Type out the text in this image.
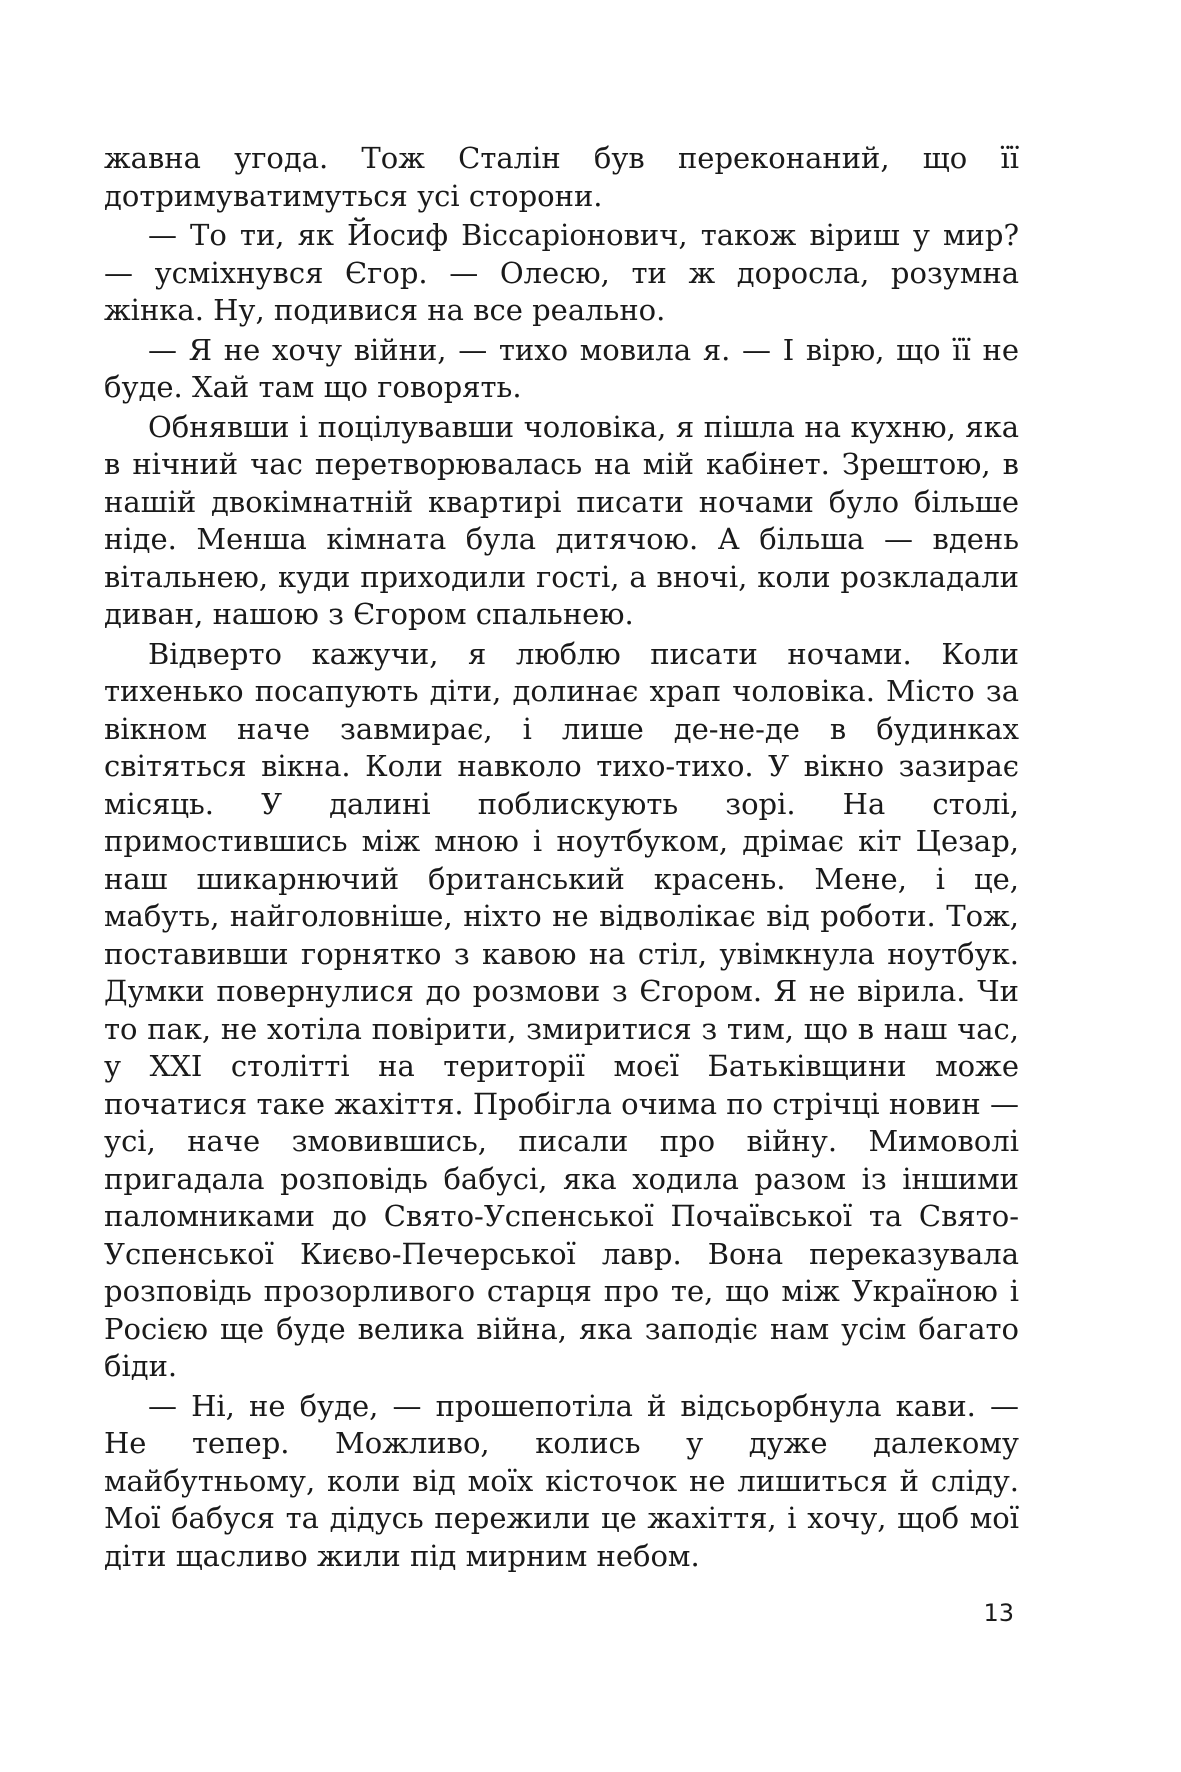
жавна угода. Тож Сталін був переконаний, що її дотримуватимуться усі сторони.

— То ти, як Йосиф Віссаріонович, також віриш у мир? — усміхнувся Єгор. — Олесю, ти ж доросла, розумна жінка. Ну, подивися на все реально.

— Я не хочу війни, — тихо мовила я. — І вірю, що її не буде. Хай там що говорять.

Обнявши і поцілувавши чоловіка, я пішла на кухню, яка в нічний час перетворювалась на мій кабінет. Зрештою, в нашій двокімнатній квартирі писати ночами було більше ніде. Менша кімната була дитячою. А більша — вдень вітальнею, куди приходили гості, а вночі, коли розкладали диван, нашою з Єгором спальнею.

Відверто кажучи, я люблю писати ночами. Коли тихенько посапують діти, долинає храп чоловіка. Місто за вікном наче завмирає, і лише де-не-де в будинках світяться вікна. Коли навколо тихо-тихо. У вікно зазирає місяць. У далині поблискують зорі. На столі, примостившись між мною і ноутбуком, дрімає кіт Цезар, наш шикарнючий британський красень. Мене, і це, мабуть, найголовніше, ніхто не відволікає від роботи. Тож, поставивши горнятко з кавою на стіл, увімкнула ноутбук. Думки повернулися до розмови з Єгором. Я не вірила. Чи то пак, не хотіла повірити, змиритися з тим, що в наш час, у XXI столітті на території моєї Батьківщини може початися таке жахіття. Пробігла очима по стрічці новин — усі, наче змовившись, писали про війну. Мимоволі пригадала розповідь бабусі, яка ходила разом із іншими паломниками до Свято-Успенської Почаївської та Свято-Успенської Києво-Печерської лавр. Вона переказувала розповідь прозорливого старця про те, що між Україною і Росією ще буде велика війна, яка заподіє нам усім багато біди.

— Ні, не буде, — прошепотіла й відсьорбнула кави. — Не тепер. Можливо, колись у дуже далекому майбутньому, коли від моїх кісточок не лишиться й сліду. Мої бабуся та дідусь пережили це жахіття, і хочу, щоб мої діти щасливо жили під мирним небом.

13
